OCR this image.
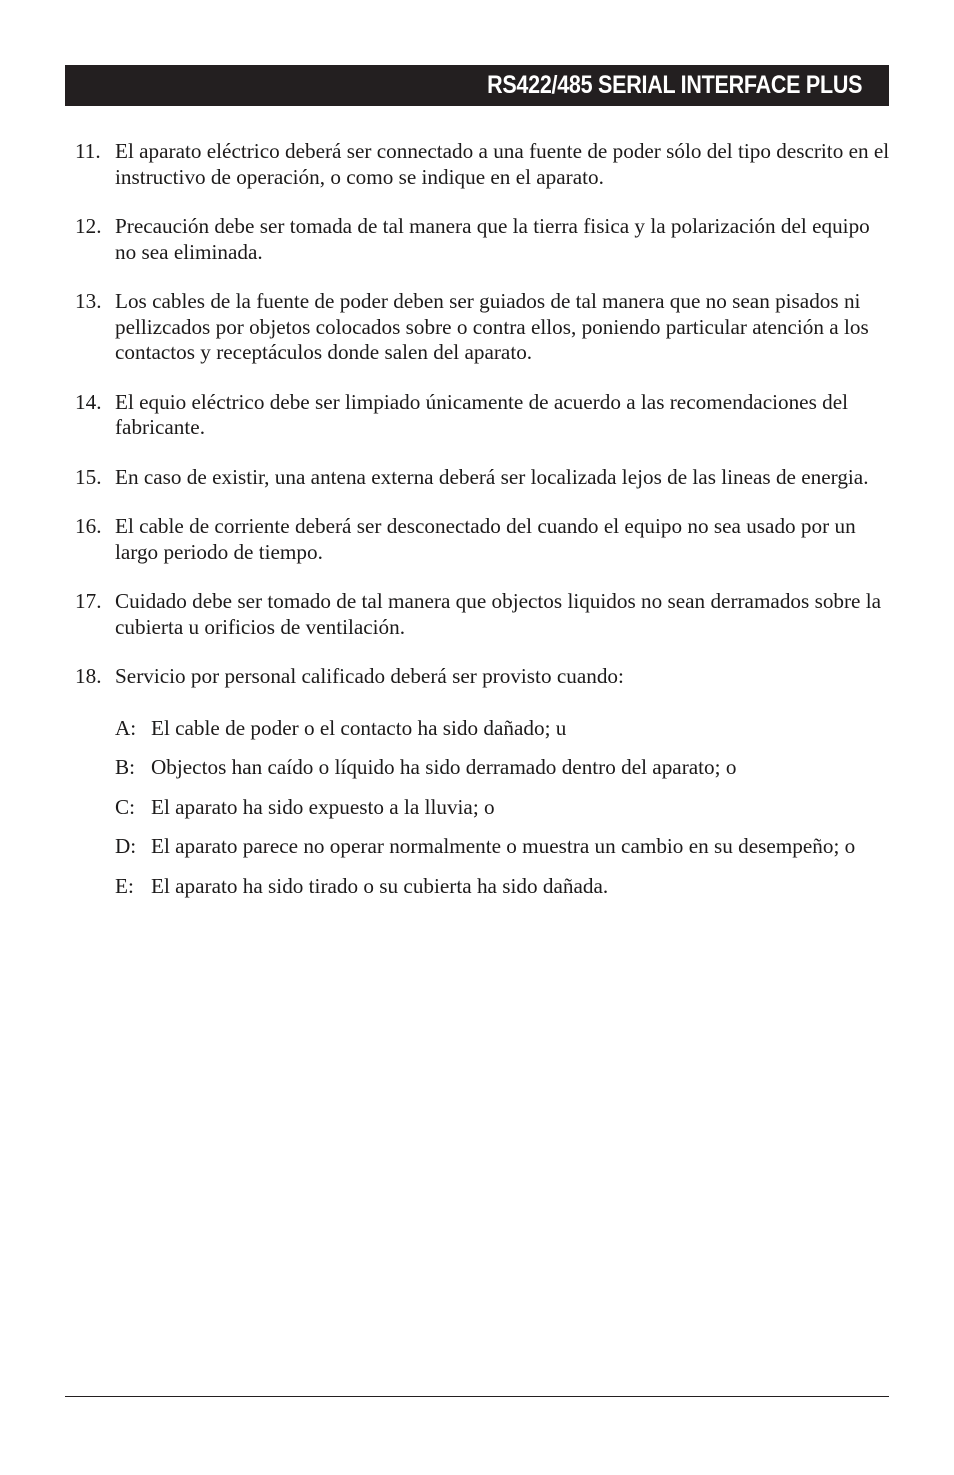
RS422/485 SERIAL INTERFACE PLUS
11. El aparato eléctrico deberá ser connectado a una fuente de poder sólo del tipo descrito en el instructivo de operación, o como se indique en el aparato.
12. Precaución debe ser tomada de tal manera que la tierra fisica y la polarización del equipo no sea eliminada.
13. Los cables de la fuente de poder deben ser guiados de tal manera que no sean pisados ni pellizcados por objetos colocados sobre o contra ellos, poniendo particular atención a los contactos y receptáculos donde salen del aparato.
14. El equio eléctrico debe ser limpiado únicamente de acuerdo a las recomendaciones del fabricante.
15. En caso de existir, una antena externa deberá ser localizada lejos de las lineas de energia.
16. El cable de corriente deberá ser desconectado del cuando el equipo no sea usado por un largo periodo de tiempo.
17. Cuidado debe ser tomado de tal manera que objectos liquidos no sean derramados sobre la cubierta u orificios de ventilación.
18. Servicio por personal calificado deberá ser provisto cuando:
A: El cable de poder o el contacto ha sido dañado; u
B: Objectos han caído o líquido ha sido derramado dentro del aparato; o
C: El aparato ha sido expuesto a la lluvia; o
D: El aparato parece no operar normalmente o muestra un cambio en su desempeño; o
E: El aparato ha sido tirado o su cubierta ha sido dañada.
